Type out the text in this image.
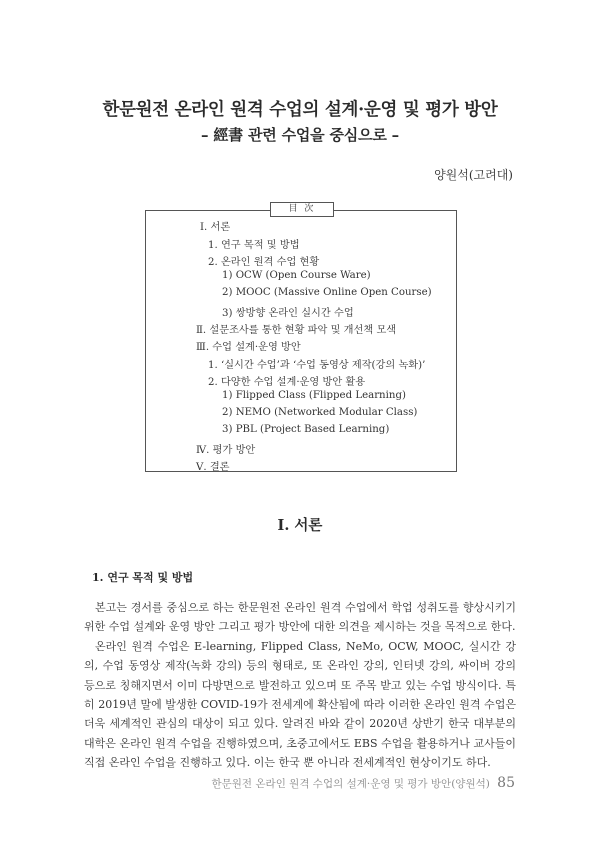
한문원전 온라인 원격 수업의 설계·운영 및 평가 방안
– 經書 관련 수업을 중심으로 –
양원석(고려대)
目 次
Ⅰ. 서론
1. 연구 목적 및 방법
2. 온라인 원격 수업 현황
1) OCW (Open Course Ware)
2) MOOC (Massive Online Open Course)
3) 쌍방향 온라인 실시간 수업
Ⅱ. 설문조사를 통한 현황 파악 및 개선책 모색
Ⅲ. 수업 설계·운영 방안
1. ‘실시간 수업’과 ‘수업 동영상 제작(강의 녹화)’
2. 다양한 수업 설계·운영 방안 활용
1) Flipped Class (Flipped Learning)
2) NEMO (Networked Modular Class)
3) PBL (Project Based Learning)
Ⅳ. 평가 방안
Ⅴ. 결론
Ⅰ. 서론
1. 연구 목적 및 방법

본고는 경서를 중심으로 하는 한문원전 온라인 원격 수업에서 학업 성취도를 향상시키기 위한 수업 설계와 운영 방안 그리고 평가 방안에 대한 의견을 제시하는 것을 목적으로 한다.

온라인 원격 수업은 E-learning, Flipped Class, NeMo, OCW, MOOC, 실시간 강의, 수업 동영상 제작(녹화 강의) 등의 형태로, 또 온라인 강의, 인터넷 강의, 싸이버 강의 등으로 칭해지면서 이미 다방면으로 발전하고 있으며 또 주목 받고 있는 수업 방식이다. 특히 2019년 말에 발생한 COVID-19가 전세계에 확산됨에 따라 이러한 온라인 원격 수업은 더욱 세계적인 관심의 대상이 되고 있다. 알려진 바와 같이 2020년 상반기 한국 대부분의 대학은 온라인 원격 수업을 진행하였으며, 초중고에서도 EBS 수업을 활용하거나 교사들이 직접 온라인 수업을 진행하고 있다. 이는 한국 뿐 아니라 전세계적인 현상이기도 하다.

한문원전 온라인 원격 수업의 설계·운영 및 평가 방안(양원석) 85
